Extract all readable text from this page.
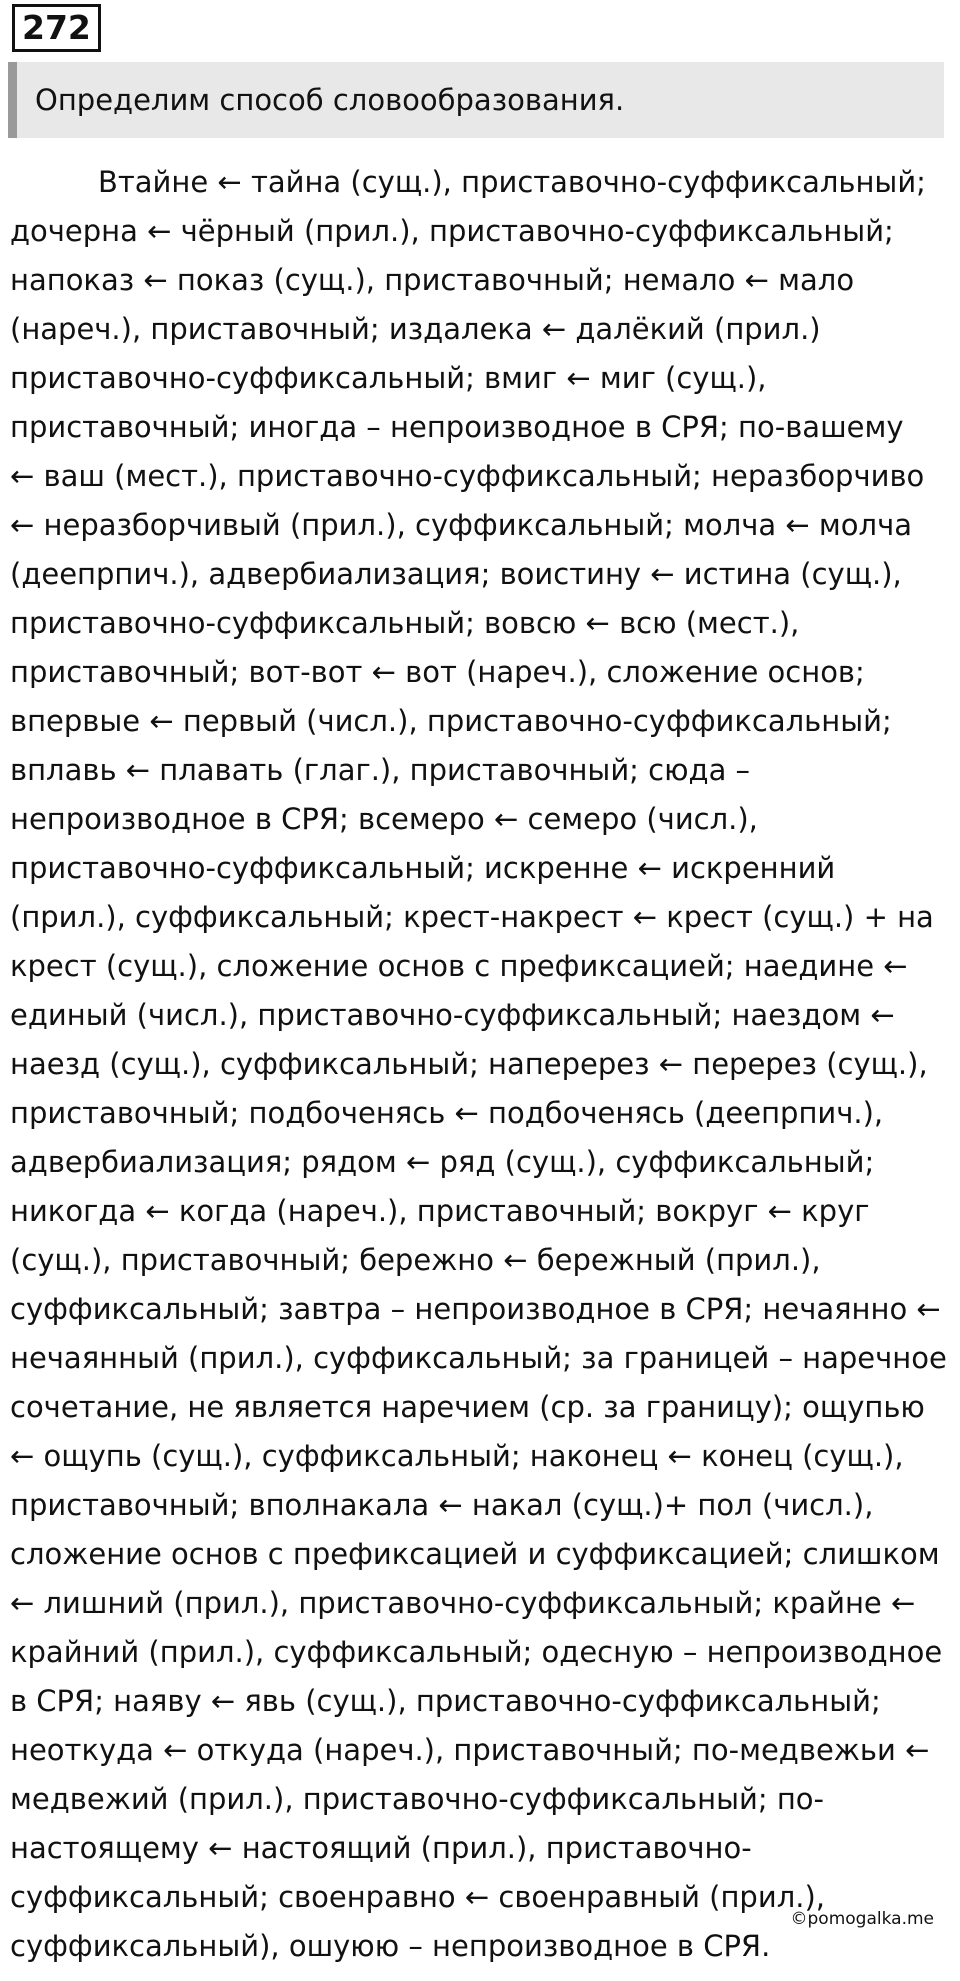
272
Определим способ словообразования.
Втайне ← тайна (сущ.), приставочно-суффиксальный;
дочерна ← чёрный (прил.), приставочно-суффиксальный;
напоказ ← показ (сущ.), приставочный; немало ← мало
(нареч.), приставочный; издалека ← далёкий (прил.)
приставочно-суффиксальный; вмиг ← миг (сущ.),
приставочный; иногда – непроизводное в СРЯ; по-вашему
← ваш (мест.), приставочно-суффиксальный; неразборчиво
← неразборчивый (прил.), суффиксальный; молча ← молча
(деепрпич.), адвербиализация; воистину ← истина (сущ.),
приставочно-суффиксальный; вовсю ← всю (мест.),
приставочный; вот-вот ← вот (нареч.), сложение основ;
впервые ← первый (числ.), приставочно-суффиксальный;
вплавь ← плавать (глаг.), приставочный; сюда –
непроизводное в СРЯ; всемеро ← семеро (числ.),
приставочно-суффиксальный; искренне ← искренний
(прил.), суффиксальный; крест-накрест ← крест (сущ.) + на
крест (сущ.), сложение основ с префиксацией; наедине ←
единый (числ.), приставочно-суффиксальный; наездом ←
наезд (сущ.), суффиксальный; наперерез ← перерез (сущ.),
приставочный; подбоченясь ← подбоченясь (деепрпич.),
адвербиализация; рядом ← ряд (сущ.), суффиксальный;
никогда ← когда (нареч.), приставочный; вокруг ← круг
(сущ.), приставочный; бережно ← бережный (прил.),
суффиксальный; завтра – непроизводное в СРЯ; нечаянно ←
нечаянный (прил.), суффиксальный; за границей – наречное
сочетание, не является наречием (ср. за границу); ощупью
← ощупь (сущ.), суффиксальный; наконец ← конец (сущ.),
приставочный; вполнакала ← накал (сущ.)+ пол (числ.),
сложение основ с префиксацией и суффиксацией; слишком
← лишний (прил.), приставочно-суффиксальный; крайне ←
крайний (прил.), суффиксальный; одесную – непроизводное
в СРЯ; наяву ← явь (сущ.), приставочно-суффиксальный;
неоткуда ← откуда (нареч.), приставочный; по-медвежьи ←
медвежий (прил.), приставочно-суффиксальный; по-
настоящему ← настоящий (прил.), приставочно-
суффиксальный; своенравно ← своенравный (прил.),
суффиксальный), ошуюю – непроизводное в СРЯ.
©pomogalka.me
